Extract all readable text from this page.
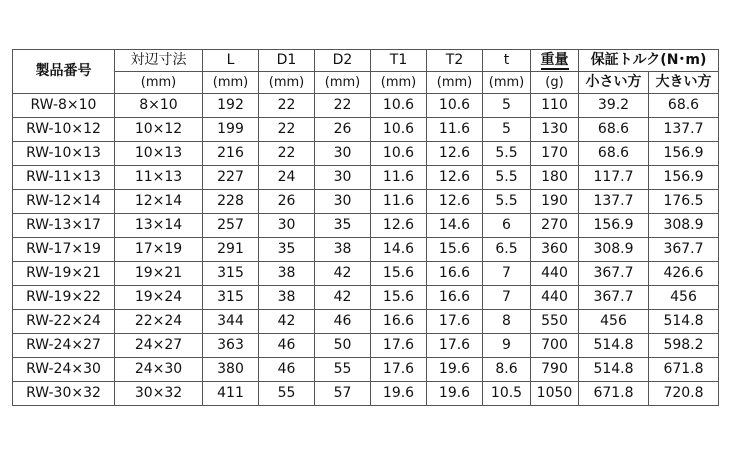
製品番号	対辺寸法	L	D1	D2	T1	T2	t	重量	保証トルク(N･m)	
	(mm)	(mm)	(mm)	(mm)	(mm)	(mm)	(mm)	(g)	小さい方	大きい方
RW-8×10	8×10	192	22	22	10.6	10.6	5	110	39.2	68.6
RW-10×12	10×12	199	22	26	10.6	11.6	5	130	68.6	137.7
RW-10×13	10×13	216	22	30	10.6	12.6	5.5	170	68.6	156.9
RW-11×13	11×13	227	24	30	11.6	12.6	5.5	180	117.7	156.9
RW-12×14	12×14	228	26	30	11.6	12.6	5.5	190	137.7	176.5
RW-13×17	13×14	257	30	35	12.6	14.6	6	270	156.9	308.9
RW-17×19	17×19	291	35	38	14.6	15.6	6.5	360	308.9	367.7
RW-19×21	19×21	315	38	42	15.6	16.6	7	440	367.7	426.6
RW-19×22	19×24	315	38	42	15.6	16.6	7	440	367.7	456
RW-22×24	22×24	344	42	46	16.6	17.6	8	550	456	514.8
RW-24×27	24×27	363	46	50	17.6	17.6	9	700	514.8	598.2
RW-24×30	24×30	380	46	55	17.6	19.6	8.6	790	514.8	671.8
RW-30×32	30×32	411	55	57	19.6	19.6	10.5	1050	671.8	720.8
